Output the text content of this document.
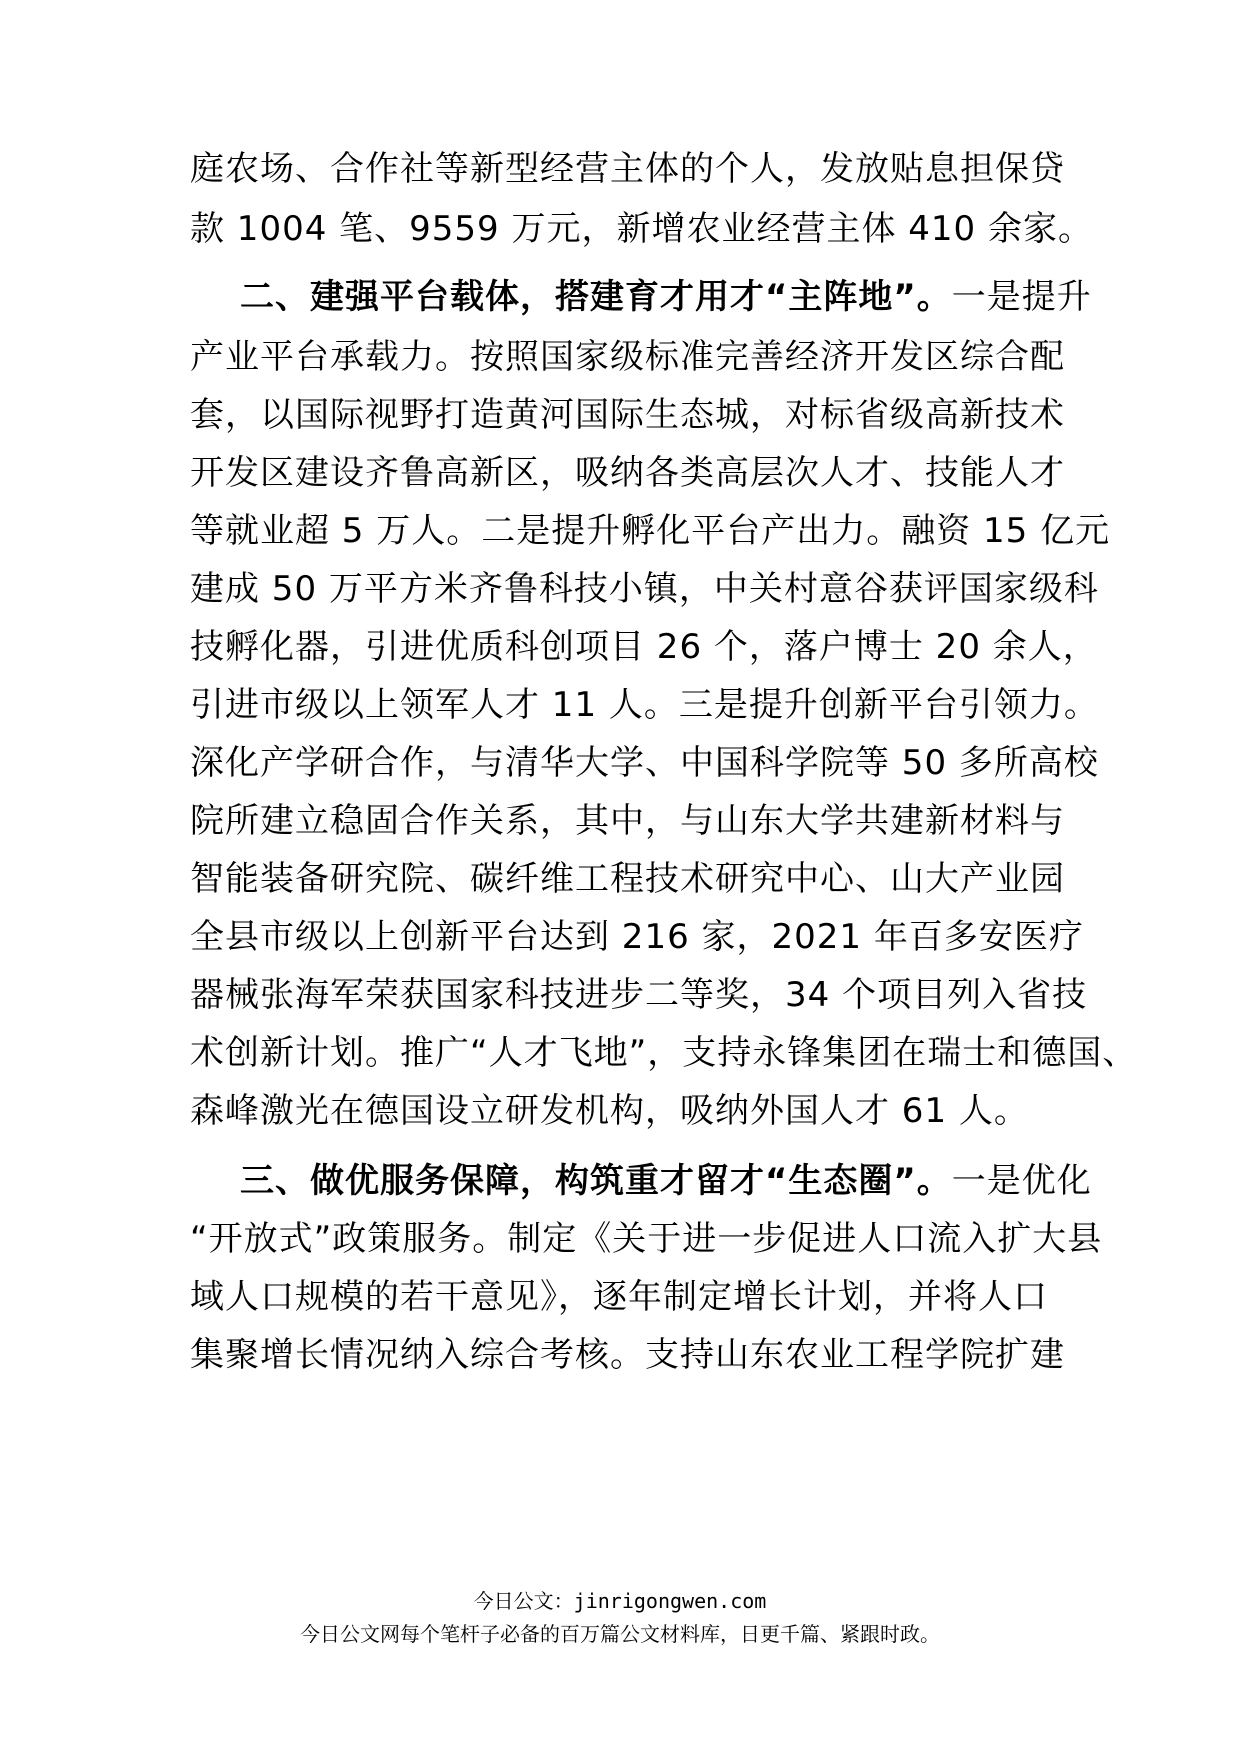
庭农场、合作社等新型经营主体的个人，发放贴息担保贷
款 1004 笔、9559 万元，新增农业经营主体 410 余家。
二、建强平台载体，搭建育才用才“主阵地”。一是提升
产业平台承载力。按照国家级标准完善经济开发区综合配
套，以国际视野打造黄河国际生态城，对标省级高新技术
开发区建设齐鲁高新区，吸纳各类高层次人才、技能人才
等就业超 5 万人。二是提升孵化平台产出力。融资 15 亿元
建成 50 万平方米齐鲁科技小镇，中关村意谷获评国家级科
技孵化器，引进优质科创项目 26 个，落户博士 20 余人，
引进市级以上领军人才 11 人。三是提升创新平台引领力。
深化产学研合作，与清华大学、中国科学院等 50 多所高校
院所建立稳固合作关系，其中，与山东大学共建新材料与
智能装备研究院、碳纤维工程技术研究中心、山大产业园
全县市级以上创新平台达到 216 家，2021 年百多安医疗
器械张海军荣获国家科技进步二等奖，34 个项目列入省技
术创新计划。推广“人才飞地”，支持永锋集团在瑞士和德国、
森峰激光在德国设立研发机构，吸纳外国人才 61 人。
三、做优服务保障，构筑重才留才“生态圈”。一是优化
“开放式”政策服务。制定《关于进一步促进人口流入扩大县
域人口规模的若干意见》，逐年制定增长计划，并将人口
集聚增长情况纳入综合考核。支持山东农业工程学院扩建
今日公文：jinrigongwen.com
今日公文网每个笔杆子必备的百万篇公文材料库，日更千篇、紧跟时政。
